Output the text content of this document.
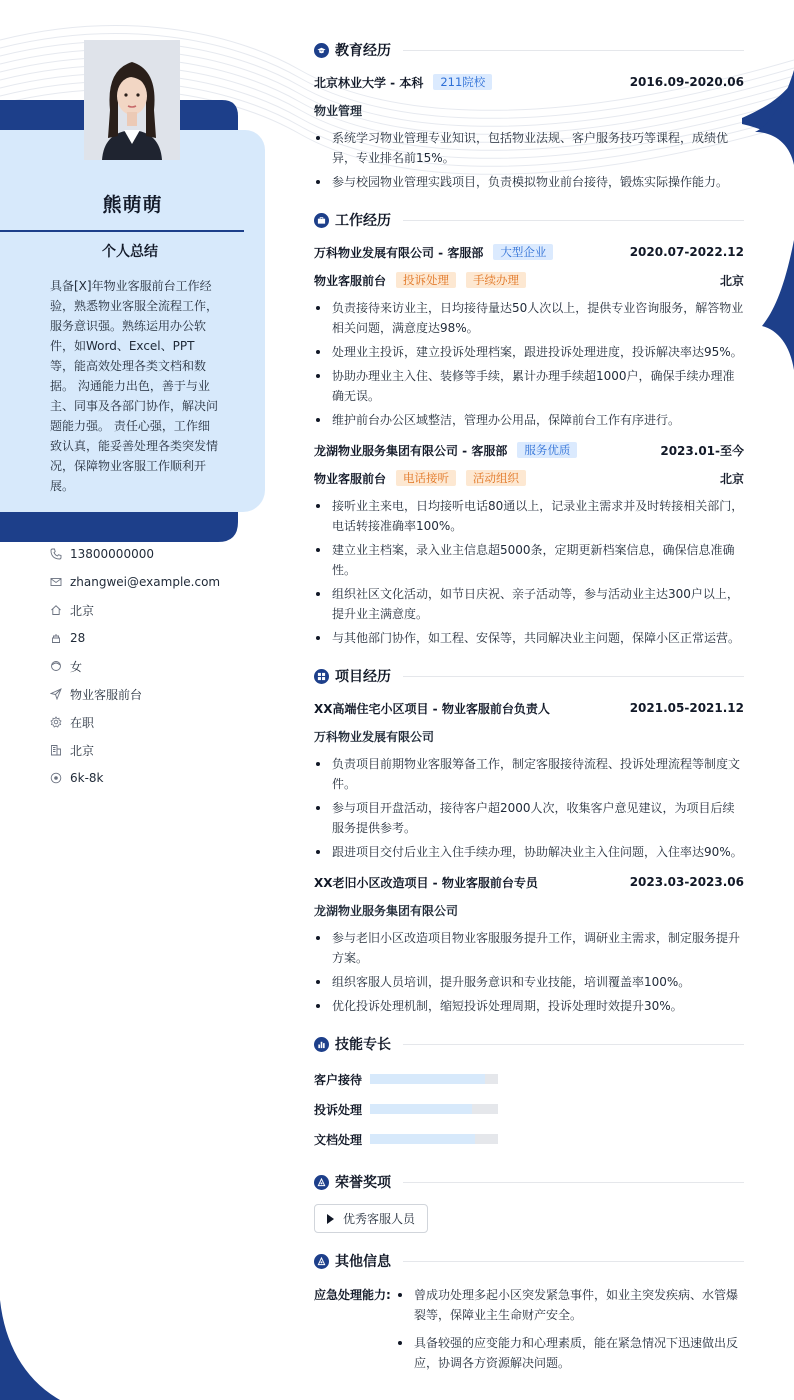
熊萌萌
个人总结
具备[X]年物业客服前台工作经验，熟悉物业客服全流程工作，服务意识强。熟练运用办公软件，如Word、Excel、PPT等，能高效处理各类文档和数据。 沟通能力出色，善于与业主、同事及各部门协作，解决问题能力强。 责任心强，工作细致认真，能妥善处理各类突发情况，保障物业客服工作顺利开展。
13800000000
zhangwei@example.com
北京
28
女
物业客服前台
在职
北京
6k-8k
教育经历
北京林业大学 - 本科	211院校	2016.09-2020.06
物业管理
系统学习物业管理专业知识，包括物业法规、客户服务技巧等课程，成绩优异，专业排名前15%。
参与校园物业管理实践项目，负责模拟物业前台接待，锻炼实际操作能力。
工作经历
万科物业发展有限公司 - 客服部	大型企业	2020.07-2022.12
物业客服前台	投诉处理	手续办理	北京
负责接待来访业主，日均接待量达50人次以上，提供专业咨询服务，解答物业相关问题，满意度达98%。
处理业主投诉，建立投诉处理档案，跟进投诉处理进度，投诉解决率达95%。
协助办理业主入住、装修等手续，累计办理手续超1000户，确保手续办理准确无误。
维护前台办公区域整洁，管理办公用品，保障前台工作有序进行。
龙湖物业服务集团有限公司 - 客服部	服务优质	2023.01-至今
物业客服前台	电话接听	活动组织	北京
接听业主来电，日均接听电话80通以上，记录业主需求并及时转接相关部门，电话转接准确率100%。
建立业主档案，录入业主信息超5000条，定期更新档案信息，确保信息准确性。
组织社区文化活动，如节日庆祝、亲子活动等，参与活动业主达300户以上，提升业主满意度。
与其他部门协作，如工程、安保等，共同解决业主问题，保障小区正常运营。
项目经历
XX高端住宅小区项目 - 物业客服前台负责人	2021.05-2021.12
万科物业发展有限公司
负责项目前期物业客服筹备工作，制定客服接待流程、投诉处理流程等制度文件。
参与项目开盘活动，接待客户超2000人次，收集客户意见建议，为项目后续服务提供参考。
跟进项目交付后业主入住手续办理，协助解决业主入住问题，入住率达90%。
XX老旧小区改造项目 - 物业客服前台专员	2023.03-2023.06
龙湖物业服务集团有限公司
参与老旧小区改造项目物业客服服务提升工作，调研业主需求，制定服务提升方案。
组织客服人员培训，提升服务意识和专业技能，培训覆盖率100%。
优化投诉处理机制，缩短投诉处理周期，投诉处理时效提升30%。
技能专长
客户接待
投诉处理
文档处理
荣誉奖项
优秀客服人员
其他信息
应急处理能力:	曾成功处理多起小区突发紧急事件，如业主突发疾病、水管爆裂等，保障业主生命财产安全。
具备较强的应变能力和心理素质，能在紧急情况下迅速做出反应，协调各方资源解决问题。
